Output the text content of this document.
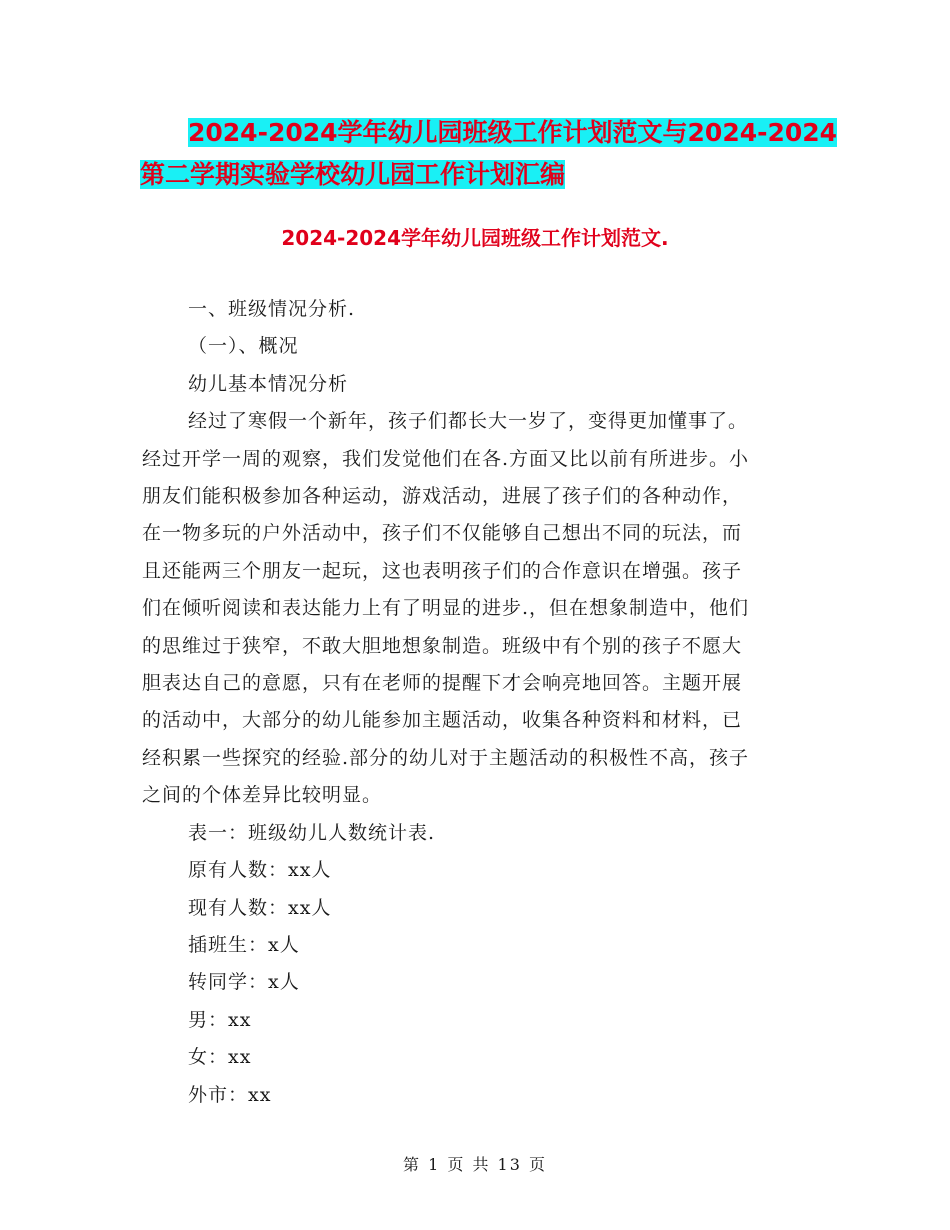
2024-2024学年幼儿园班级工作计划范文与2024-2024
第二学期实验学校幼儿园工作计划汇编
2024-2024学年幼儿园班级工作计划范文.

一、班级情况分析.

（一）、概况

幼儿基本情况分析

经过了寒假一个新年，孩子们都长大一岁了，变得更加懂事了。

经过开学一周的观察，我们发觉他们在各.方面又比以前有所进步。小

朋友们能积极参加各种运动，游戏活动，进展了孩子们的各种动作，

在一物多玩的户外活动中，孩子们不仅能够自己想出不同的玩法，而

且还能两三个朋友一起玩，这也表明孩子们的合作意识在增强。孩子

们在倾听阅读和表达能力上有了明显的进步.，但在想象制造中，他们

的思维过于狭窄，不敢大胆地想象制造。班级中有个别的孩子不愿大

胆表达自己的意愿，只有在老师的提醒下才会响亮地回答。主题开展

的活动中，大部分的幼儿能参加主题活动，收集各种资料和材料，已

经积累一些探究的经验.部分的幼儿对于主题活动的积极性不高，孩子

之间的个体差异比较明显。

表一：班级幼儿人数统计表.

原有人数：xx人

现有人数：xx人

插班生：x人

转同学：x人

男：xx

女：xx

外市：xx

第 1 页 共 13 页
